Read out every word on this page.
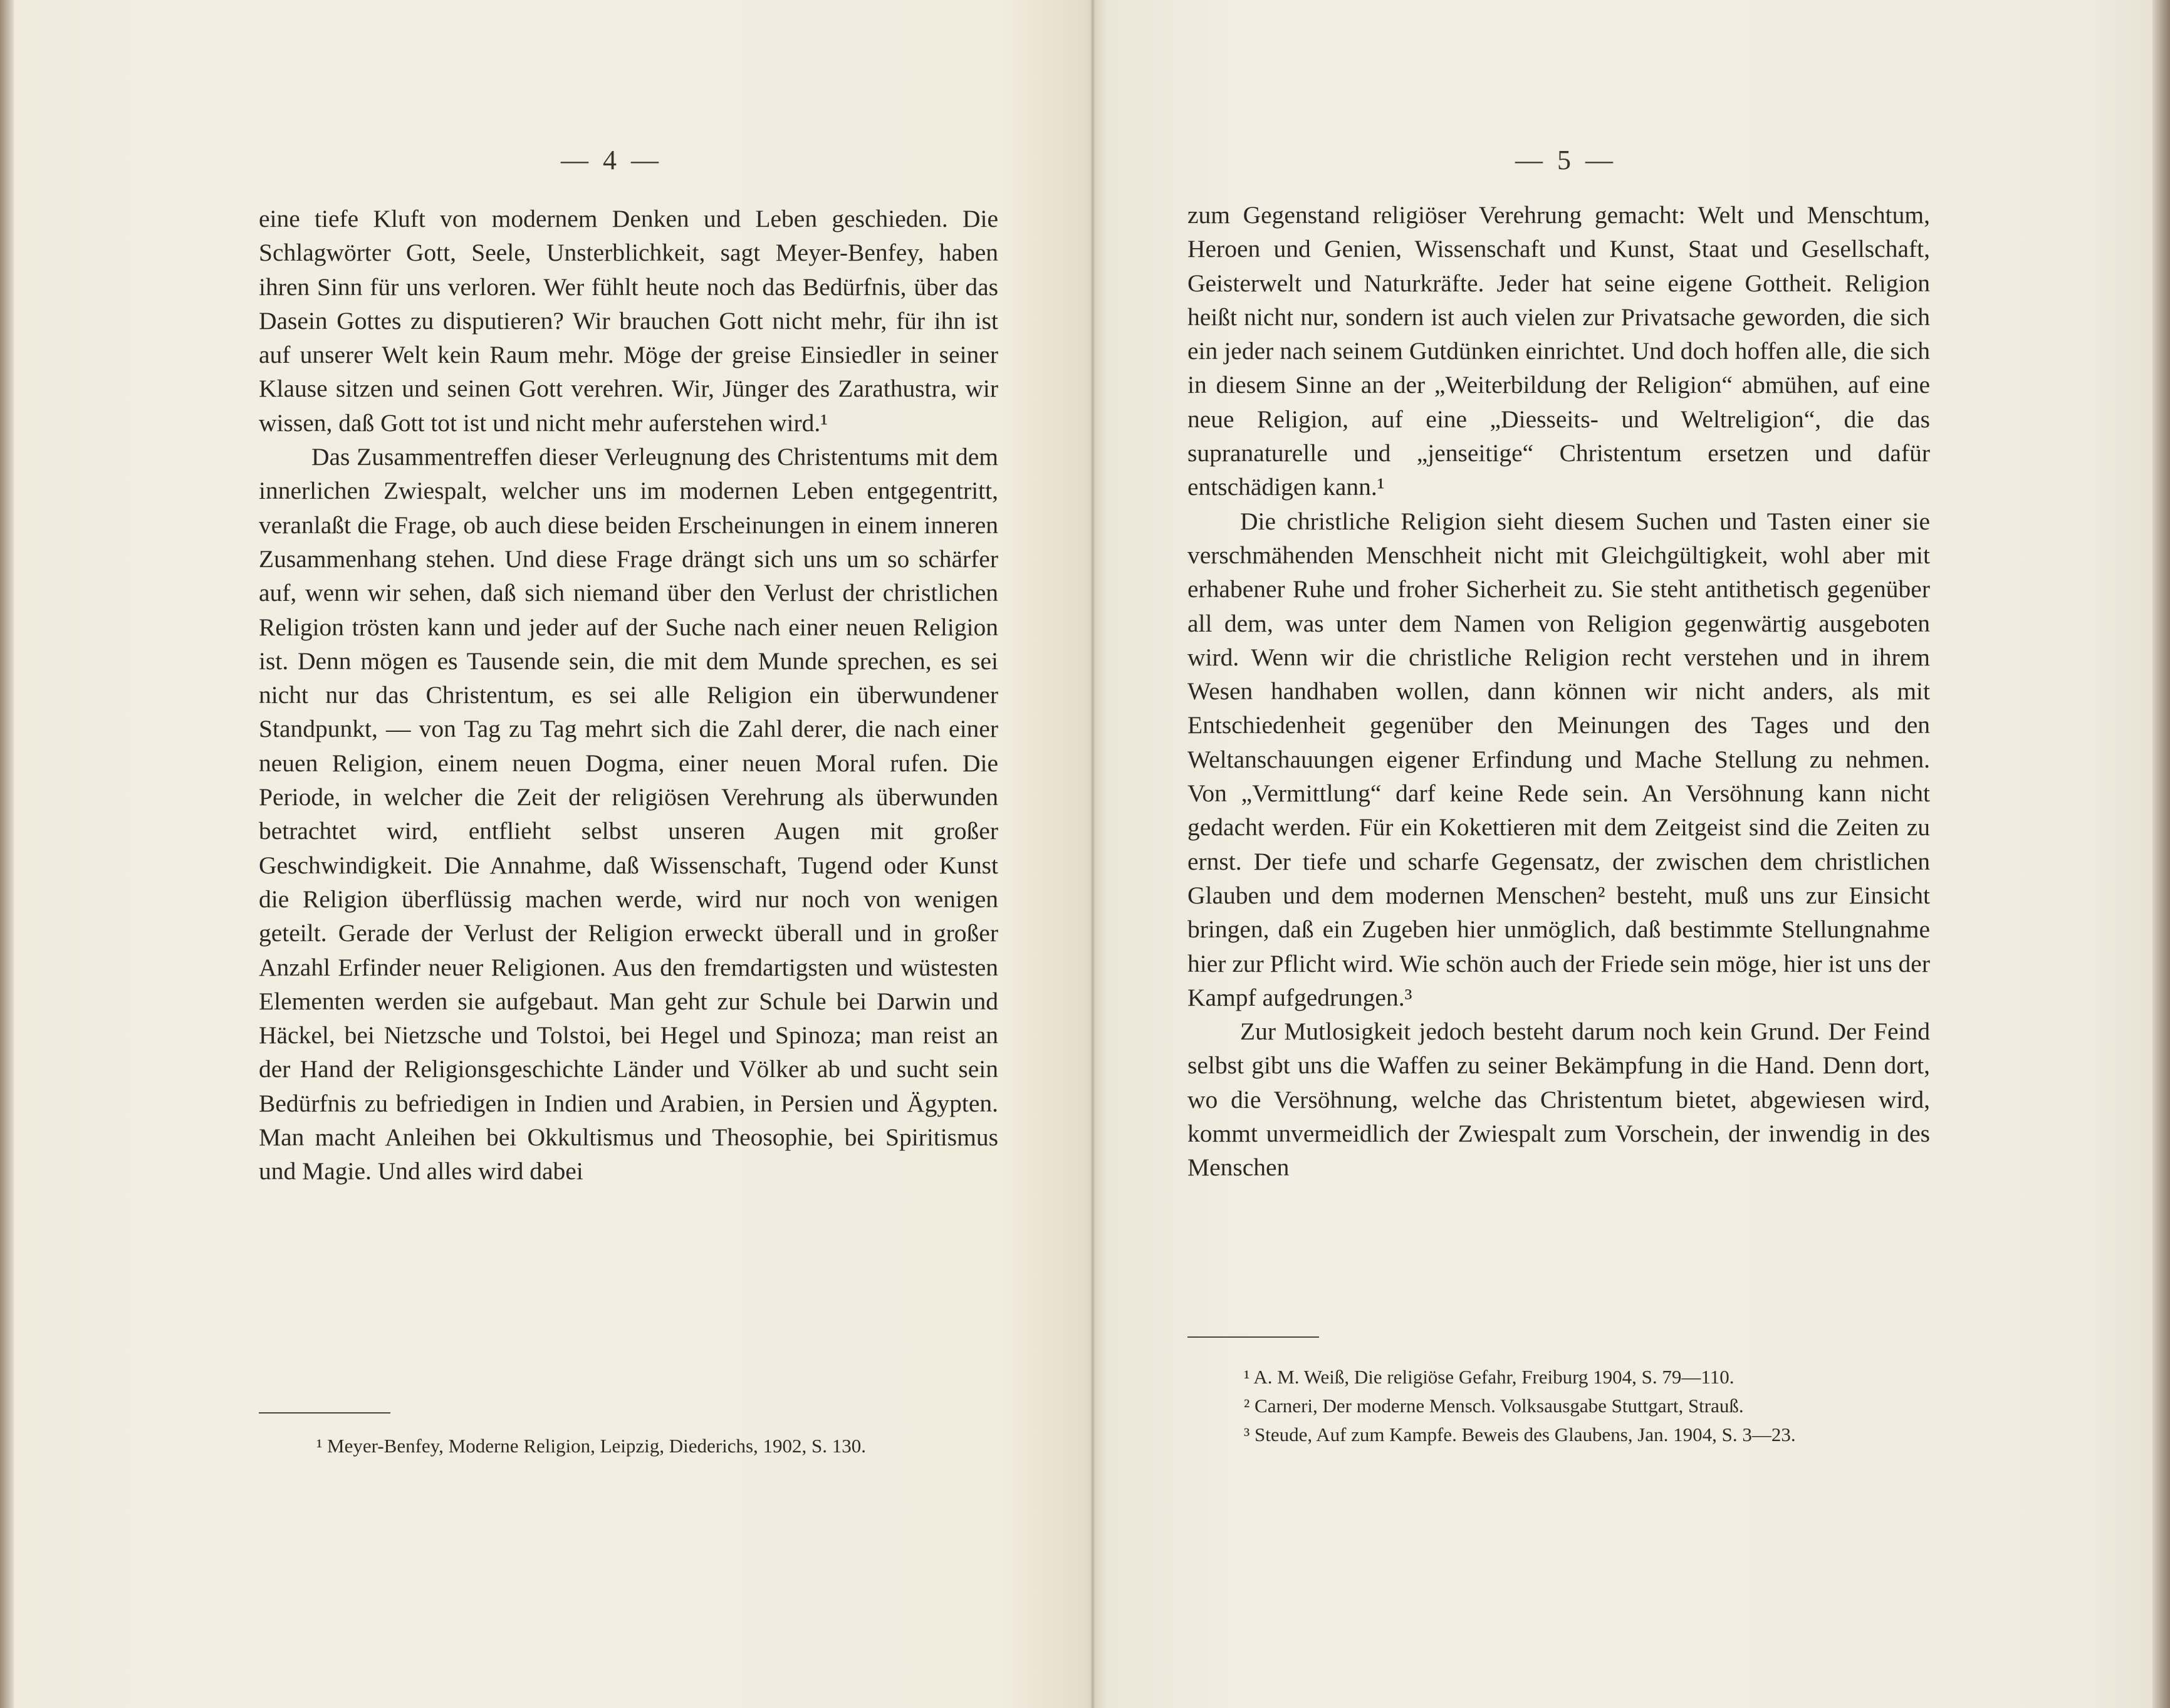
— 4 —	— 5 —

eine tiefe Kluft von modernem Denken und Leben geschieden. Die Schlagwörter Gott, Seele, Unsterblichkeit, sagt Meyer-Benfey, haben ihren Sinn für uns verloren. Wer fühlt heute noch das Bedürfnis, über das Dasein Gottes zu disputieren? Wir brauchen Gott nicht mehr, für ihn ist auf unserer Welt kein Raum mehr. Möge der greise Einsiedler in seiner Klause sitzen und seinen Gott verehren. Wir, Jünger des Zarathustra, wir wissen, daß Gott tot ist und nicht mehr auferstehen wird.¹

Das Zusammentreffen dieser Verleugnung des Christentums mit dem innerlichen Zwiespalt, welcher uns im modernen Leben entgegentritt, veranlaßt die Frage, ob auch diese beiden Erscheinungen in einem inneren Zusammenhang stehen. Und diese Frage drängt sich uns um so schärfer auf, wenn wir sehen, daß sich niemand über den Verlust der christlichen Religion trösten kann und jeder auf der Suche nach einer neuen Religion ist. Denn mögen es Tausende sein, die mit dem Munde sprechen, es sei nicht nur das Christentum, es sei alle Religion ein überwundener Standpunkt, — von Tag zu Tag mehrt sich die Zahl derer, die nach einer neuen Religion, einem neuen Dogma, einer neuen Moral rufen. Die Periode, in welcher die Zeit der religiösen Verehrung als überwunden betrachtet wird, entflieht selbst unseren Augen mit großer Geschwindigkeit. Die Annahme, daß Wissenschaft, Tugend oder Kunst die Religion überflüssig machen werde, wird nur noch von wenigen geteilt. Gerade der Verlust der Religion erweckt überall und in großer Anzahl Erfinder neuer Religionen. Aus den fremdartigsten und wüstesten Elementen werden sie aufgebaut. Man geht zur Schule bei Darwin und Häckel, bei Nietzsche und Tolstoi, bei Hegel und Spinoza; man reist an der Hand der Religionsgeschichte Länder und Völker ab und sucht sein Bedürfnis zu befriedigen in Indien und Arabien, in Persien und Ägypten. Man macht Anleihen bei Okkultismus und Theosophie, bei Spiritismus und Magie. Und alles wird dabei

¹ Meyer-Benfey, Moderne Religion, Leipzig, Diederichs, 1902, S. 130.

zum Gegenstand religiöser Verehrung gemacht: Welt und Menschtum, Heroen und Genien, Wissenschaft und Kunst, Staat und Gesellschaft, Geisterwelt und Naturkräfte. Jeder hat seine eigene Gottheit. Religion heißt nicht nur, sondern ist auch vielen zur Privatsache geworden, die sich ein jeder nach seinem Gutdünken einrichtet. Und doch hoffen alle, die sich in diesem Sinne an der „Weiterbildung der Religion“ abmühen, auf eine neue Religion, auf eine „Diesseits- und Weltreligion“, die das supranaturelle und „jenseitige“ Christentum ersetzen und dafür entschädigen kann.¹

Die christliche Religion sieht diesem Suchen und Tasten einer sie verschmähenden Menschheit nicht mit Gleichgültigkeit, wohl aber mit erhabener Ruhe und froher Sicherheit zu. Sie steht antithetisch gegenüber all dem, was unter dem Namen von Religion gegenwärtig ausgeboten wird. Wenn wir die christliche Religion recht verstehen und in ihrem Wesen handhaben wollen, dann können wir nicht anders, als mit Entschiedenheit gegenüber den Meinungen des Tages und den Weltanschauungen eigener Erfindung und Mache Stellung zu nehmen. Von „Vermittlung“ darf keine Rede sein. An Versöhnung kann nicht gedacht werden. Für ein Kokettieren mit dem Zeitgeist sind die Zeiten zu ernst. Der tiefe und scharfe Gegensatz, der zwischen dem christlichen Glauben und dem modernen Menschen² besteht, muß uns zur Einsicht bringen, daß ein Zugeben hier unmöglich, daß bestimmte Stellungnahme hier zur Pflicht wird. Wie schön auch der Friede sein möge, hier ist uns der Kampf aufgedrungen.³

Zur Mutlosigkeit jedoch besteht darum noch kein Grund. Der Feind selbst gibt uns die Waffen zu seiner Bekämpfung in die Hand. Denn dort, wo die Versöhnung, welche das Christentum bietet, abgewiesen wird, kommt unvermeidlich der Zwiespalt zum Vorschein, der inwendig in des Menschen

¹ A. M. Weiß, Die religiöse Gefahr, Freiburg 1904, S. 79—110.
² Carneri, Der moderne Mensch. Volksausgabe Stuttgart, Strauß.
³ Steude, Auf zum Kampfe. Beweis des Glaubens, Jan. 1904, S. 3—23.
